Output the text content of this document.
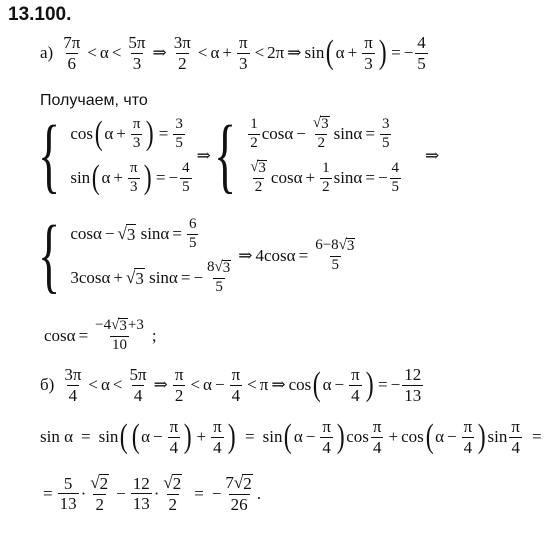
13.100.
$а) \frac{7\pi}{6} < \alpha < \frac{5\pi}{3}$ ⇒ $\frac{3\pi}{2} < \alpha + \frac{\pi}{3} < 2\pi$ ⇒ sin ( $\alpha + \frac{\pi}{3}$ ) = − $\frac{4}{5}$
Получаем, что
{ cos ( $\alpha + \frac{\pi}{3}$ ) = $\frac{3}{5}$
sin ( $\alpha + \frac{\pi}{3}$ ) = − $\frac{4}{5}$
⇒ { $\frac{1}{2}$ $\cos\alpha - \frac{√ 3}{2}$ $\sin\alpha = \frac{3}{5}$
$\frac{√ 3}{2}$ $\cos\alpha + \frac{1}{2}$ sinα = − $\frac{4}{5}$
⇒
{ cosα − √ 3
$\sin\alpha = \frac{6}{5}$
3cosα + √ 3
sinα = − $\frac{8√ 3}{5}$
⇒ $4\cos\alpha = \frac{6-8√ 3}{5}$
$\cos\alpha = \frac{-4√ 3 +3}{10}$ ;
$б) \frac{3\pi}{4} < \alpha < \frac{5\pi}{4}$ ⇒ $\frac{\pi}{2} < \alpha - \frac{\pi}{4} < \pi$ ⇒ cos ( $\alpha - \frac{\pi}{4}$ ) = − $\frac{12}{13}$
sin α = sin ( ( $\alpha - \frac{\pi}{4}$ ) + $\frac{\pi}{4}$ ) = sin ( $\alpha - \frac{\pi}{4}$ ) $\cos \frac{\pi}{4} + \cos$ ( $\alpha - \frac{\pi}{4}$ ) $\sin \frac{\pi}{4}$ =
= $\frac{5}{13} \cdot \frac{√ 2}{2} - \frac{12}{13} \cdot \frac{√ 2}{2}$ = − $\frac{7√ 2}{26}$ .
